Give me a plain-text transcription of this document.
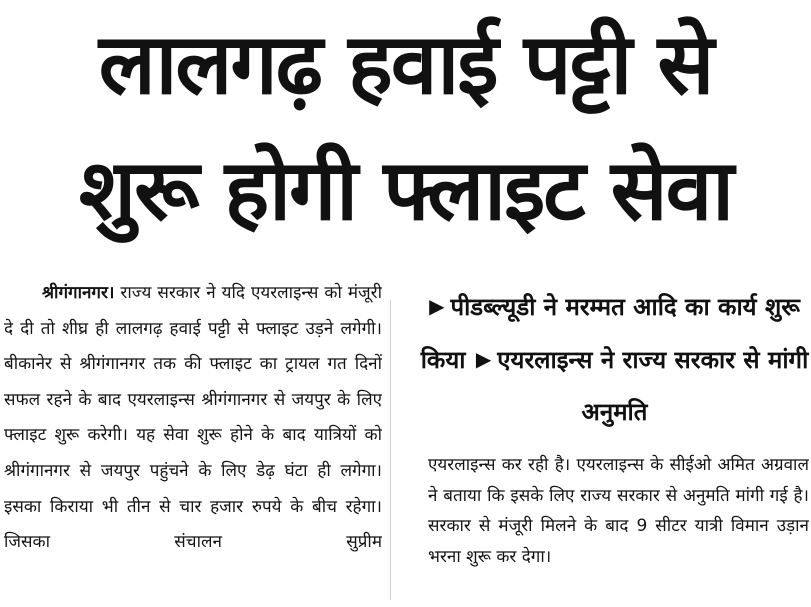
लालगढ़ हवाई पट्टी से
शुरू होगी फ्लाइट सेवा

श्रीगंगानगर। राज्य सरकार ने यदि एयरलाइन्स को मंजूरी दे दी तो शीघ्र ही लालगढ़ हवाई पट्टी से फ्लाइट उड़ने लगेगी। बीकानेर से श्रीगंगानगर तक की फ्लाइट का ट्रायल गत दिनों सफल रहने के बाद एयरलाइन्स श्रीगंगानगर से जयपुर के लिए फ्लाइट शुरू करेगी। यह सेवा शुरू होने के बाद यात्रियों को श्रीगंगानगर से जयपुर पहुंचने के लिए डेढ़ घंटा ही लगेगा। इसका किराया भी तीन से चार हजार रुपये के बीच रहेगा। जिसका संचालन सुप्रीम

▶ पीडब्ल्यूडी ने मरम्मत आदि का कार्य शुरू किया ▶ एयरलाइन्स ने राज्य सरकार से मांगी अनुमति

एयरलाइन्स कर रही है। एयरलाइन्स के सीईओ अमित अग्रवाल ने बताया कि इसके लिए राज्य सरकार से अनुमति मांगी गई है। सरकार से मंजूरी मिलने के बाद 9 सीटर यात्री विमान उड़ान भरना शुरू कर देगा।
